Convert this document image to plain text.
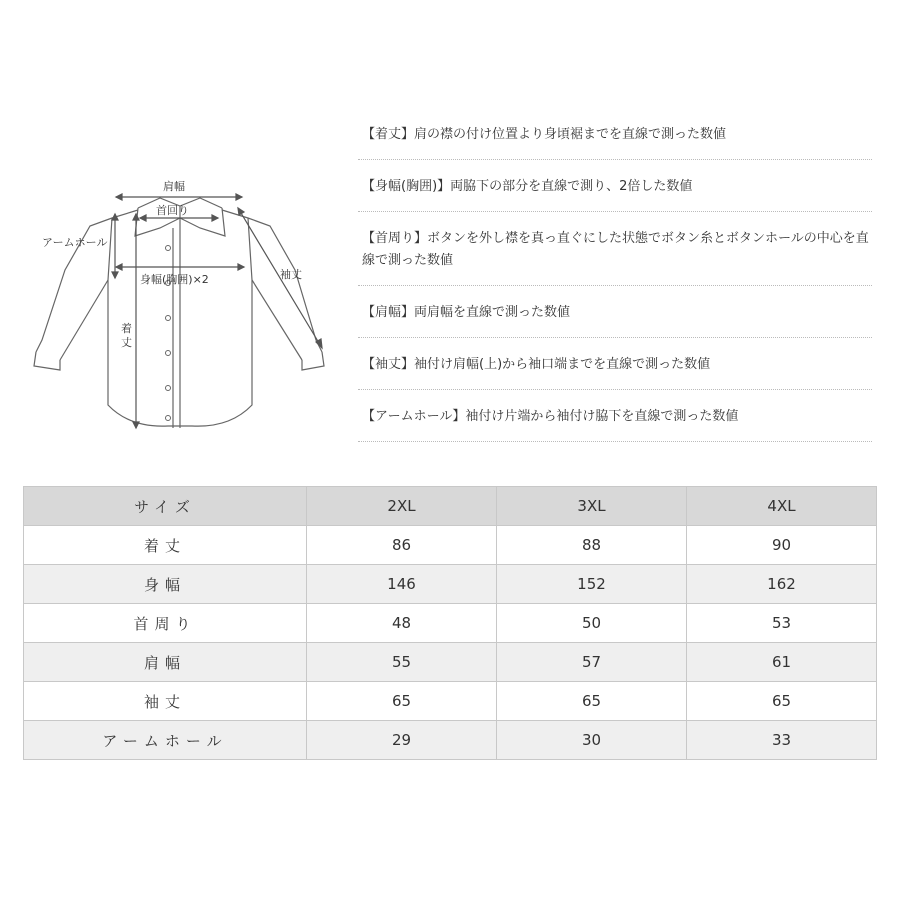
肩幅
首回り
アームホール
身幅(胸囲)×2	袖丈
着 丈
【着丈】肩の襟の付け位置より身頃裾までを直線で測った数値
【身幅(胸囲)】両脇下の部分を直線で測り、2倍した数値
【首周り】ボタンを外し襟を真っ直ぐにした状態でボタン糸とボタンホールの中心を直線で測った数値
【肩幅】両肩幅を直線で測った数値
【袖丈】袖付け肩幅(上)から袖口端までを直線で測った数値
【アームホール】袖付け片端から袖付け脇下を直線で測った数値
サイズ	2XL	3XL	4XL
着丈	86	88	90
身幅	146	152	162
首周り	48	50	53
肩幅	55	57	61
袖丈	65	65	65
アームホール	29	30	33
